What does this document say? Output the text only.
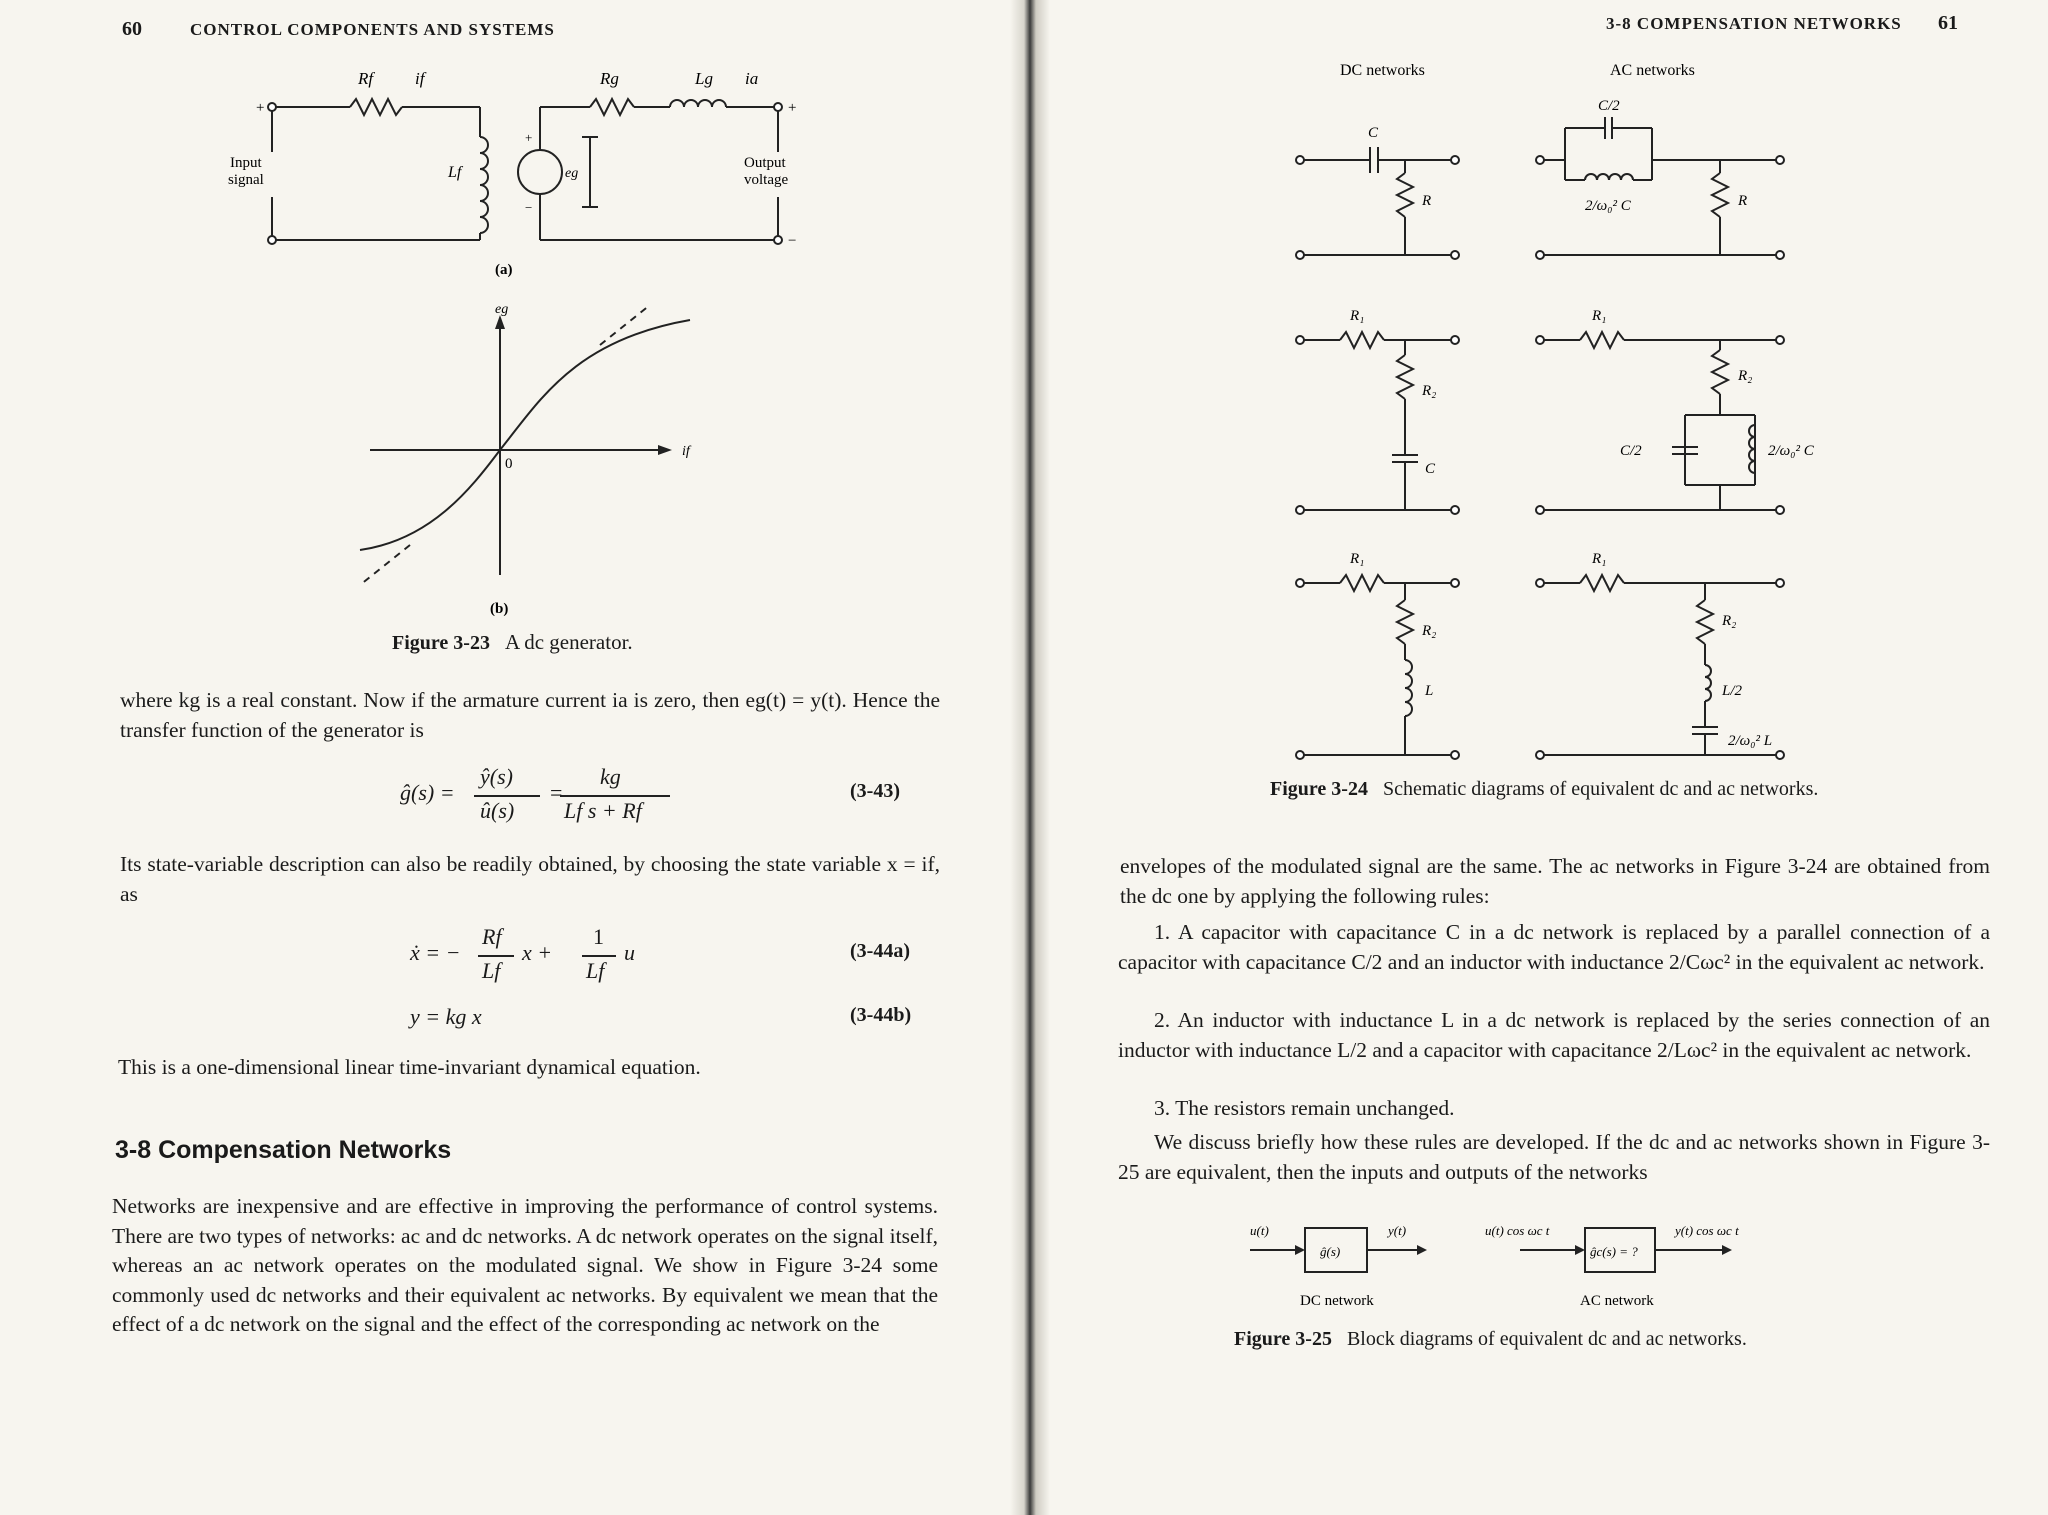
60	CONTROL COMPONENTS AND SYSTEMS
+	+
−
+
−
Rf if	Rg	Lg ia
Lf	eg
Input
signal
Output
voltage
(a)
eg
if
0
(b)
Figure 3-23 A dc generator.
where kg is a real constant. Now if the armature current ia is zero, then eg(t) = y(t). Hence the transfer function of the generator is
ĝ(s) =
ŷ(s)
û(s)
=
kg
Lf s + Rf
(3-43)
Its state-variable description can also be readily obtained, by choosing the state variable x = if, as
ẋ = −
Rf
Lf
x +
1
Lf
u	(3-44a)
y = kg x	(3-44b)
This is a one-dimensional linear time-invariant dynamical equation.
3-8 Compensation Networks
Networks are inexpensive and are effective in improving the performance of control systems. There are two types of networks: ac and dc networks. A dc network operates on the signal itself, whereas an ac network operates on the modulated signal. We show in Figure 3-24 some commonly used dc networks and their equivalent ac networks. By equivalent we mean that the effect of a dc network on the signal and the effect of the corresponding ac network on the
3-8 COMPENSATION NETWORKS 61
DC networks	AC networks
C
R
C/2
2/ω₀² C	R
R₁
R₂
C
R₁
R₂
C/2	2/ω₀² C
R₁
R₂
L
R₁
R₂
L/2
2/ω₀² L
Figure 3-24 Schematic diagrams of equivalent dc and ac networks.
envelopes of the modulated signal are the same. The ac networks in Figure 3-24 are obtained from the dc one by applying the following rules:
1. A capacitor with capacitance C in a dc network is replaced by a parallel connection of a capacitor with capacitance C/2 and an inductor with inductance 2/Cωc² in the equivalent ac network.
2. An inductor with inductance L in a dc network is replaced by the series connection of an inductor with inductance L/2 and a capacitor with capacitance 2/Lωc² in the equivalent ac network.
3. The resistors remain unchanged.
We discuss briefly how these rules are developed. If the dc and ac networks shown in Figure 3-25 are equivalent, then the inputs and outputs of the networks
u(t)
ĝ(s)
y(t)	u(t) cos ωc t
ĝc(s) = ?
y(t) cos ωc t
DC network	AC network
Figure 3-25 Block diagrams of equivalent dc and ac networks.
